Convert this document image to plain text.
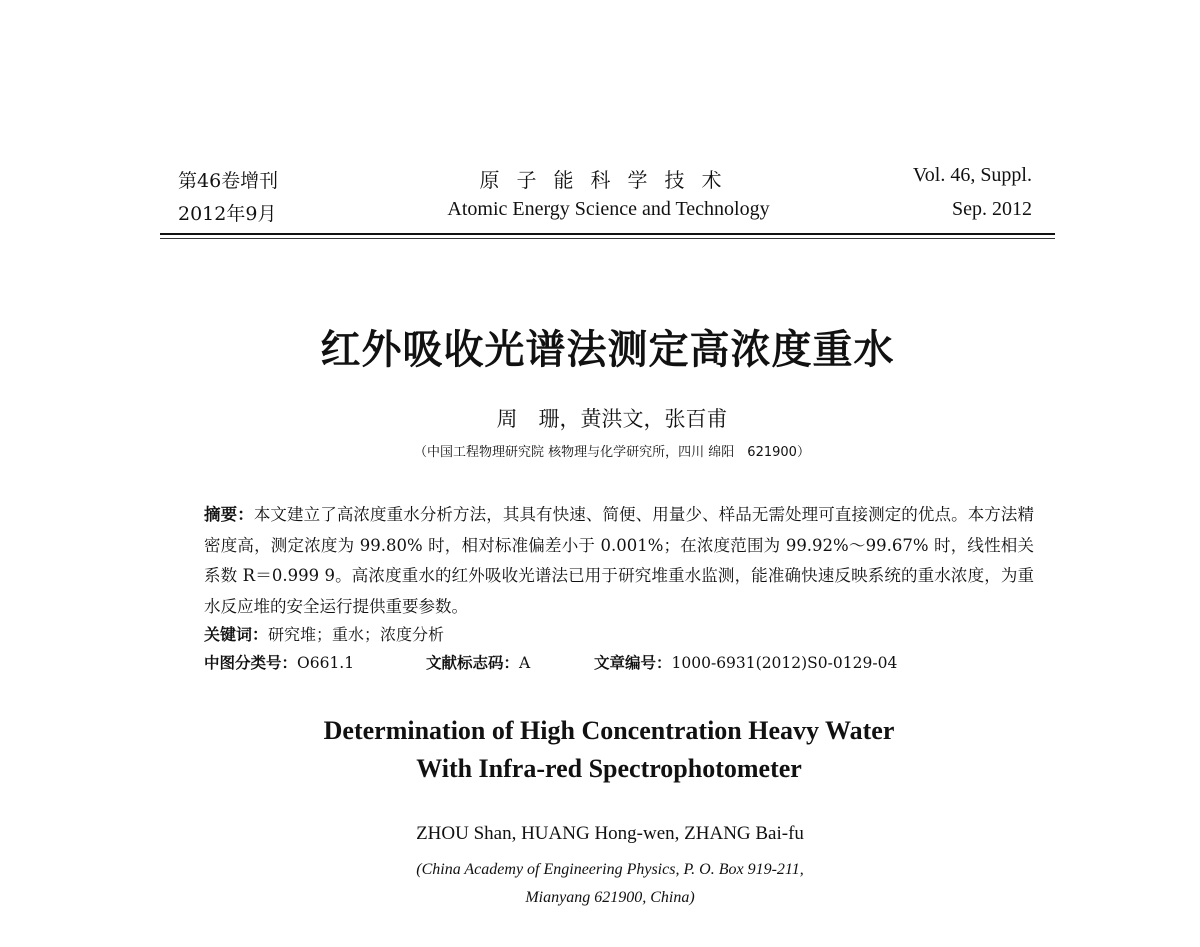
第46卷增刊
2012年9月
原子能科学技术
Atomic Energy Science and Technology
Vol. 46, Suppl.
Sep. 2012
红外吸收光谱法测定高浓度重水
周　珊，黄洪文，张百甫
（中国工程物理研究院 核物理与化学研究所，四川 绵阳　621900）

摘要：本文建立了高浓度重水分析方法，其具有快速、简便、用量少、样品无需处理可直接测定的优点。本方法精密度高，测定浓度为 99.80% 时，相对标准偏差小于 0.001%；在浓度范围为 99.92%～99.67% 时，线性相关系数 R＝0.999 9。高浓度重水的红外吸收光谱法已用于研究堆重水监测，能准确快速反映系统的重水浓度，为重水反应堆的安全运行提供重要参数。

关键词：研究堆；重水；浓度分析
中图分类号：O661.1	文献标志码：A	文章编号：1000-6931(2012)S0-0129-04
Determination of High Concentration Heavy Water
With Infra-red Spectrophotometer
ZHOU Shan, HUANG Hong-wen, ZHANG Bai-fu
(China Academy of Engineering Physics, P. O. Box 919-211,
Mianyang 621900, China)
